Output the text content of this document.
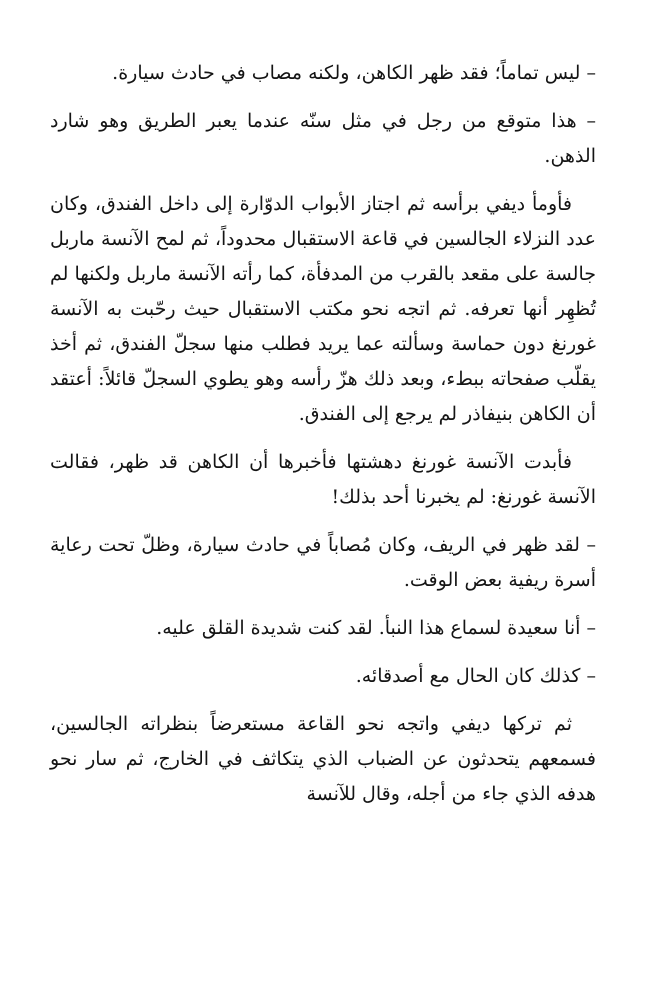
– ليس تماماً؛ فقد ظهر الكاهن، ولكنه مصاب في حادث سيارة.

– هذا متوقع من رجل في مثل سنّه عندما يعبر الطريق وهو شارد الذهن.

فأومأ ديفي برأسه ثم اجتاز الأبواب الدوّارة إلى داخل الفندق، وكان عدد النزلاء الجالسين في قاعة الاستقبال محدوداً، ثم لمح الآنسة ماربل جالسة على مقعد بالقرب من المدفأة، كما رأته الآنسة ماربل ولكنها لم تُظهِر أنها تعرفه. ثم اتجه نحو مكتب الاستقبال حيث رحّبت به الآنسة غورنغ دون حماسة وسألته عما يريد فطلب منها سجلّ الفندق، ثم أخذ يقلّب صفحاته ببطء، وبعد ذلك هزّ رأسه وهو يطوي السجلّ قائلاً: أعتقد أن الكاهن بنيفاذر لم يرجع إلى الفندق.

فأبدت الآنسة غورنغ دهشتها فأخبرها أن الكاهن قد ظهر، فقالت الآنسة غورنغ: لم يخبرنا أحد بذلك!

– لقد ظهر في الريف، وكان مُصاباً في حادث سيارة، وظلّ تحت رعاية أسرة ريفية بعض الوقت.

– أنا سعيدة لسماع هذا النبأ. لقد كنت شديدة القلق عليه.

– كذلك كان الحال مع أصدقائه.

ثم تركها ديفي واتجه نحو القاعة مستعرضاً بنظراته الجالسين، فسمعهم يتحدثون عن الضباب الذي يتكاثف في الخارج، ثم سار نحو هدفه الذي جاء من أجله، وقال للآنسة
